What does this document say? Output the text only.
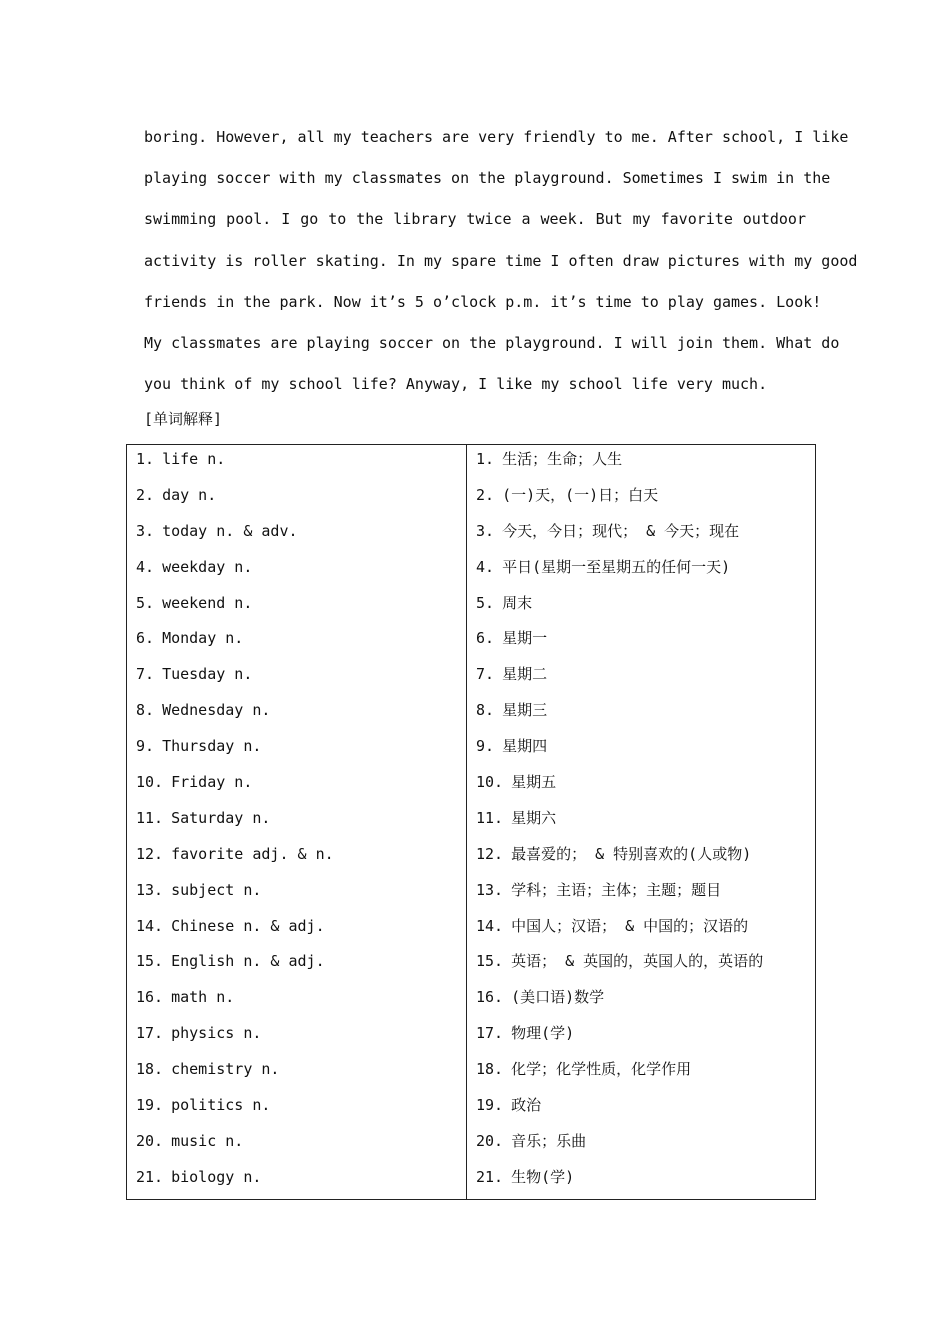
boring. However, all my teachers are very friendly to me. After school, I like
playing soccer with my classmates on the playground. Sometimes I swim in the
swimming pool. I go to the library twice a week. But my favorite outdoor
activity is roller skating. In my spare time I often draw pictures with my good
friends in the park. Now it’s 5 o’clock p.m. it’s time to play games. Look!
My classmates are playing soccer on the playground. I will join them. What do
you think of my school life? Anyway, I like my school life very much.
[单词解释]
1. life n.
2. day n.
3. today n. & adv.
4. weekday n.
5. weekend n.
6. Monday n.
7. Tuesday n.
8. Wednesday n.
9. Thursday n.
10. Friday n.
11. Saturday n.
12. favorite adj. & n.
13. subject n.
14. Chinese n. & adj.
15. English n. & adj.
16. math n.
17. physics n.
18. chemistry n.
19. politics n.
20. music n.
21. biology n.
1. 生活；生命；人生
2. (一)天，(一)日；白天
3. 今天，今日；现代； & 今天；现在
4. 平日(星期一至星期五的任何一天)
5. 周末
6. 星期一
7. 星期二
8. 星期三
9. 星期四
10. 星期五
11. 星期六
12. 最喜爱的； & 特别喜欢的(人或物)
13. 学科；主语；主体；主题；题目
14. 中国人；汉语； & 中国的；汉语的
15. 英语； & 英国的，英国人的，英语的
16. (美口语)数学
17. 物理(学)
18. 化学；化学性质，化学作用
19. 政治
20. 音乐；乐曲
21. 生物(学)
